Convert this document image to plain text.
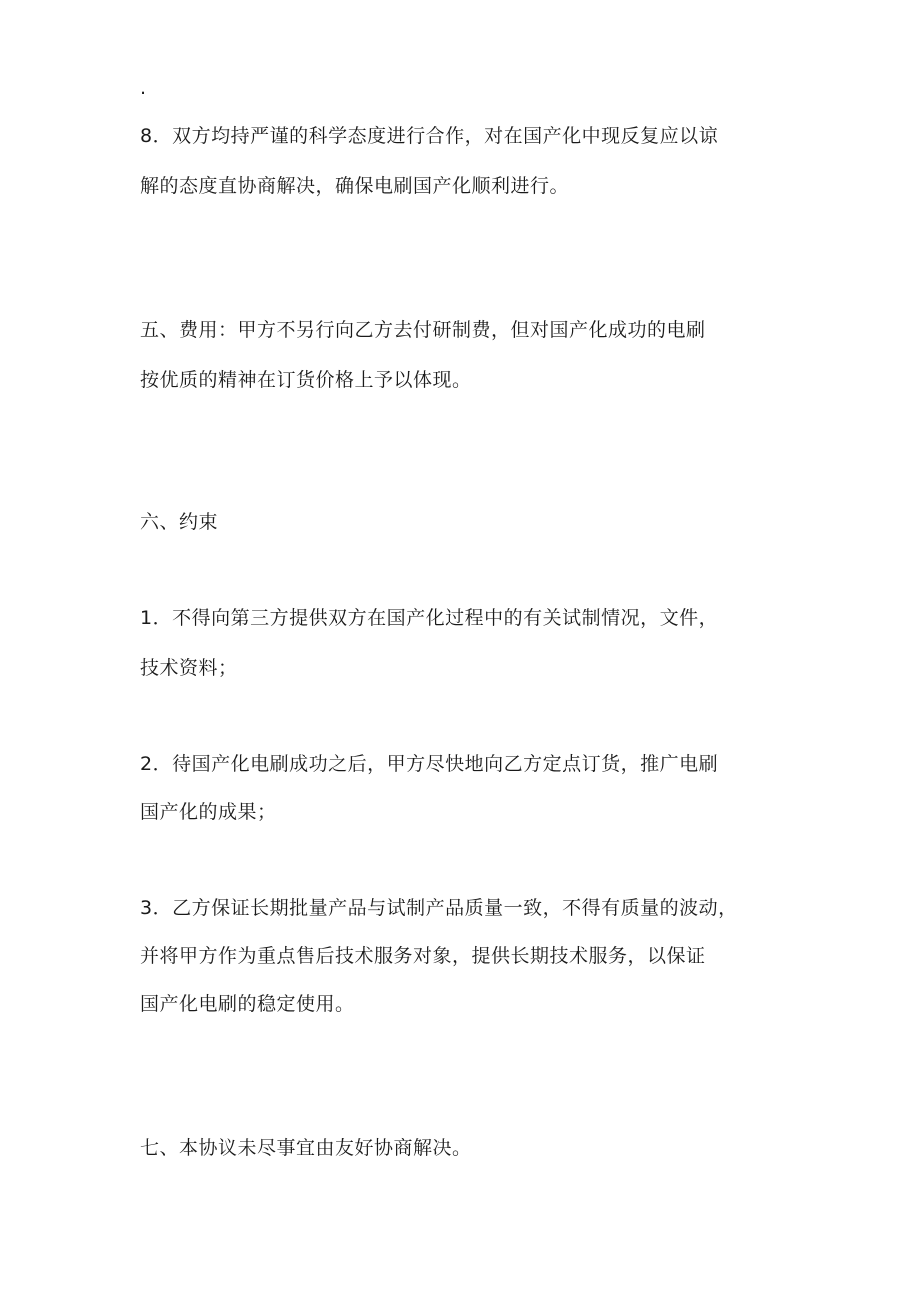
.
8．双方均持严谨的科学态度进行合作，对在国产化中现反复应以谅
解的态度直协商解决，确保电刷国产化顺利进行。
五、费用：甲方不另行向乙方去付研制费，但对国产化成功的电刷
按优质的精神在订货价格上予以体现。
六、约束
1．不得向第三方提供双方在国产化过程中的有关试制情况，文件，
技术资料；
2．待国产化电刷成功之后，甲方尽快地向乙方定点订货，推广电刷
国产化的成果；
3．乙方保证长期批量产品与试制产品质量一致，不得有质量的波动，
并将甲方作为重点售后技术服务对象，提供长期技术服务，以保证
国产化电刷的稳定使用。
七、本协议未尽事宜由友好协商解决。
